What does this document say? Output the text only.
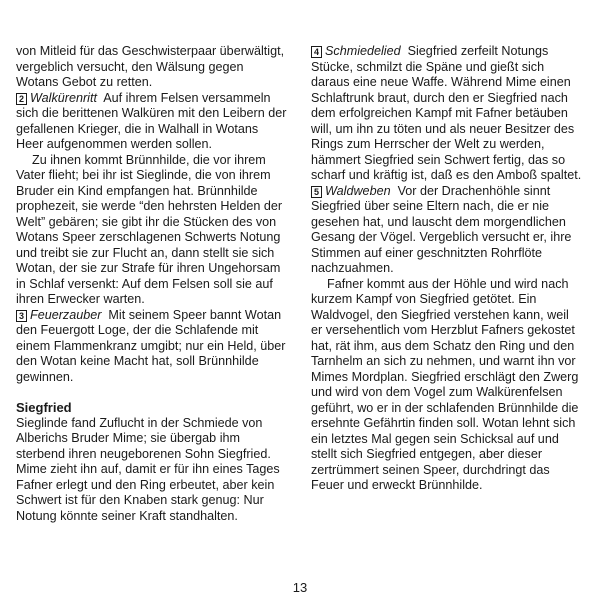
von Mitleid für das Geschwisterpaar überwältigt, vergeblich versucht, den Wälsung gegen Wotans Gebot zu retten.

2 Walkürenritt Auf ihrem Felsen versammeln sich die berittenen Walküren mit den Leibern der gefallenen Krieger, die in Walhall in Wotans Heer aufgenommen werden sollen.

Zu ihnen kommt Brünnhilde, die vor ihrem Vater flieht; bei ihr ist Sieglinde, die von ihrem Bruder ein Kind empfangen hat. Brünnhilde prophezeit, sie werde “den hehrsten Helden der Welt” gebären; sie gibt ihr die Stücken des von Wotans Speer zerschlagenen Schwerts Notung und treibt sie zur Flucht an, dann stellt sie sich Wotan, der sie zur Strafe für ihren Ungehorsam in Schlaf versenkt: Auf dem Felsen soll sie auf ihren Erwecker warten.

3 Feuerzauber Mit seinem Speer bannt Wotan den Feuergott Loge, der die Schlafende mit einem Flammenkranz umgibt; nur ein Held, über den Wotan keine Macht hat, soll Brünnhilde gewinnen.

Siegfried

Sieglinde fand Zuflucht in der Schmiede von Alberichs Bruder Mime; sie übergab ihm sterbend ihren neugeborenen Sohn Siegfried. Mime zieht ihn auf, damit er für ihn eines Tages Fafner erlegt und den Ring erbeutet, aber kein Schwert ist für den Knaben stark genug: Nur Notung könnte seiner Kraft standhalten.

4 Schmiedelied Siegfried zerfeilt Notungs Stücke, schmilzt die Späne und gießt sich daraus eine neue Waffe. Während Mime einen Schlaftrunk braut, durch den er Siegfried nach dem erfolgreichen Kampf mit Fafner betäuben will, um ihn zu töten und als neuer Besitzer des Rings zum Herrscher der Welt zu werden, hämmert Siegfried sein Schwert fertig, das so scharf und kräftig ist, daß es den Amboß spaltet.

5 Waldweben Vor der Drachenhöhle sinnt Siegfried über seine Eltern nach, die er nie gesehen hat, und lauscht dem morgendlichen Gesang der Vögel. Vergeblich versucht er, ihre Stimmen auf einer geschnitzten Rohrflöte nachzuahmen.

Fafner kommt aus der Höhle und wird nach kurzem Kampf von Siegfried getötet. Ein Waldvogel, den Siegfried verstehen kann, weil er versehentlich vom Herzblut Fafners gekostet hat, rät ihm, aus dem Schatz den Ring und den Tarnhelm an sich zu nehmen, und warnt ihn vor Mimes Mordplan. Siegfried erschlägt den Zwerg und wird von dem Vogel zum Walkürenfelsen geführt, wo er in der schlafenden Brünnhilde die ersehnte Gefährtin finden soll. Wotan lehnt sich ein letztes Mal gegen sein Schicksal auf und stellt sich Siegfried entgegen, aber dieser zertrümmert seinen Speer, durchdringt das Feuer und erweckt Brünnhilde.

13
